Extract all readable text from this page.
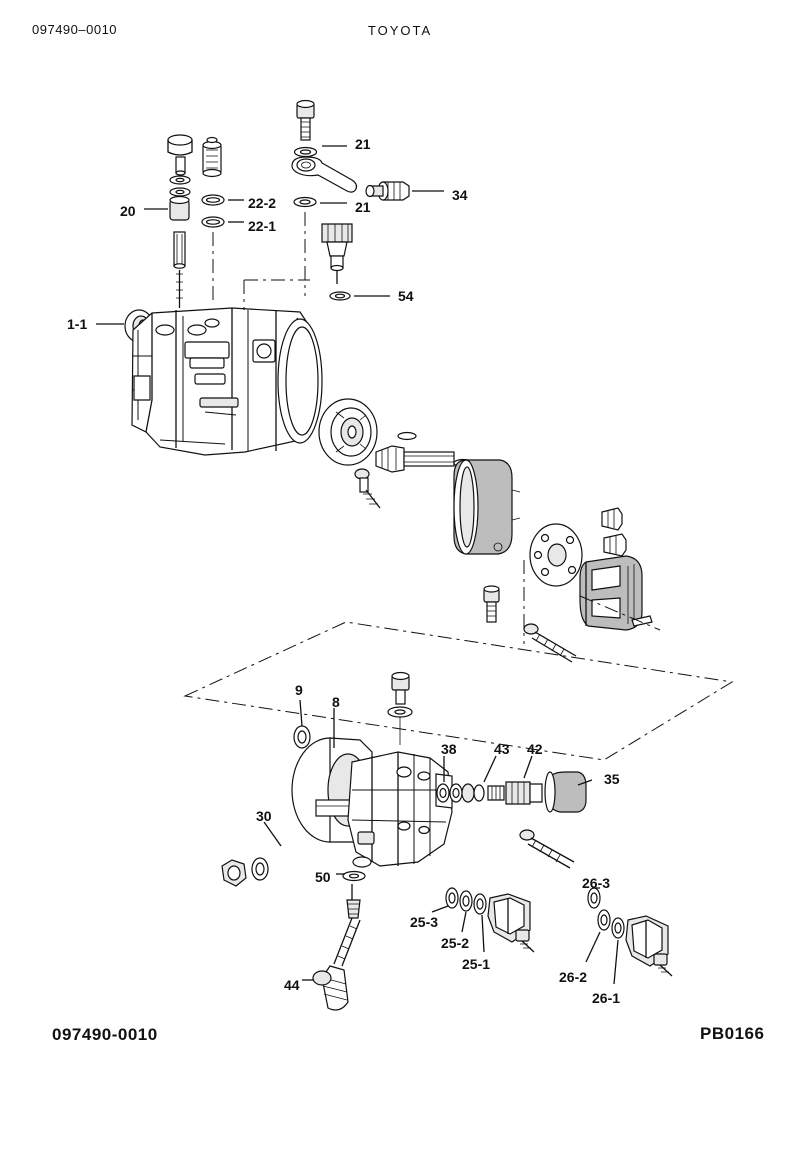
097490–0010	TOYOTA
097490-0010	PB0166
21
34
22-2	21
20
22-1
54
1-1
9
8
38	43 42
35
30
50	26-3
25-3
25-2
25-1
26-2
44
26-1
